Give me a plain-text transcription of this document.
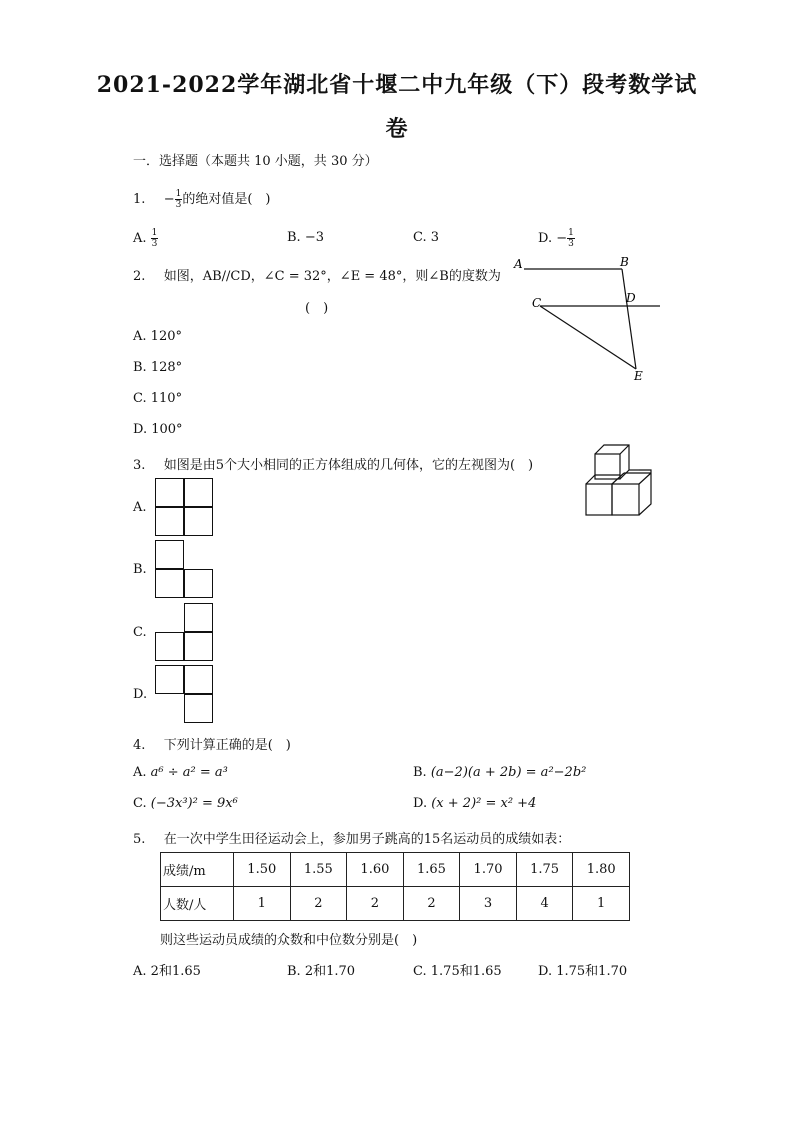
2021-2022学年湖北省十堰二中九年级（下）段考数学试
卷
一．选择题（本题共 10 小题，共 30 分）
1. − $\frac{1}{3}$ 的绝对值是(　)
A. $\frac{1}{3}$	B. −3	C. 3	D. − $\frac{1}{3}$
2. 如图，AB//CD，∠C = 32°，∠E = 48°，则∠B的度数为
(　)
A. 120°
B. 128°
C. 110°
D. 100°
A	B
C	D
E
3. 如图是由5个大小相同的正方体组成的几何体，它的左视图为(　)
A.
B.
C.
D.
4. 下列计算正确的是(　)
A. a⁶ ÷ a² = a³	B. (a−2)(a + 2b) = a²−2b²
C. (−3x³)² = 9x⁶	D. (x + 2)² = x² +4
5. 在一次中学生田径运动会上，参加男子跳高的15名运动员的成绩如表：
成绩/m	1.50	1.55	1.60	1.65	1.70	1.75	1.80
人数/人	1	2	2	2	3	4	1
则这些运动员成绩的众数和中位数分别是(　)
A. 2和1.65	B. 2和1.70	C. 1.75和1.65	D. 1.75和1.70
